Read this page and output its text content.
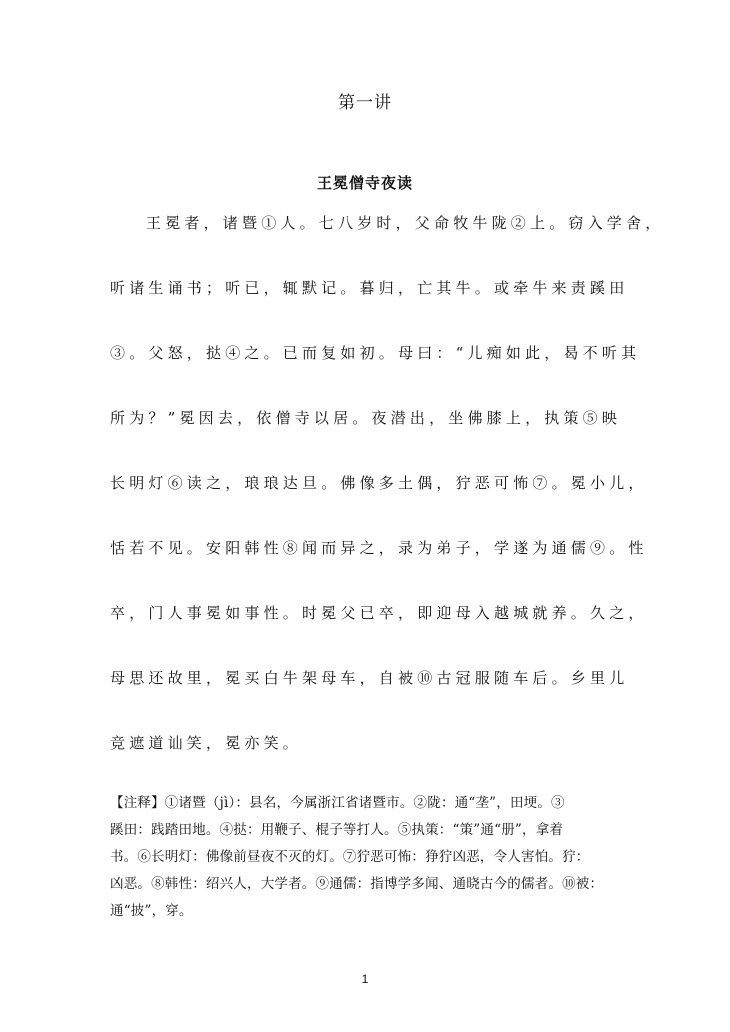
第一讲
王冕僧寺夜读
王冕者，诸暨①人。七八岁时，父命牧牛陇②上。窃入学舍，
听诸生诵书；听已，辄默记。暮归，亡其牛。或牵牛来责蹊田
③。父怒，挞④之。已而复如初。母曰：“儿痴如此，曷不听其
所为？”冕因去，依僧寺以居。夜潜出，坐佛膝上，执策⑤映
长明灯⑥读之，琅琅达旦。佛像多土偶，狞恶可怖⑦。冕小儿，
恬若不见。安阳韩性⑧闻而异之，录为弟子，学遂为通儒⑨。性
卒，门人事冕如事性。时冕父已卒，即迎母入越城就养。久之，
母思还故里，冕买白牛架母车，自被⑩古冠服随车后。乡里儿
竞遮道讪笑，冕亦笑。
【注释】①诸暨（jì）：县名，今属浙江省诸暨市。②陇：通“垄”，田埂。③
蹊田：践踏田地。④挞：用鞭子、棍子等打人。⑤执策：“策”通“册”，拿着
书。⑥长明灯：佛像前昼夜不灭的灯。⑦狞恶可怖：狰狞凶恶，令人害怕。狞：
凶恶。⑧韩性：绍兴人，大学者。⑨通儒：指博学多闻、通晓古今的儒者。⑩被：
通“披”，穿。
1
